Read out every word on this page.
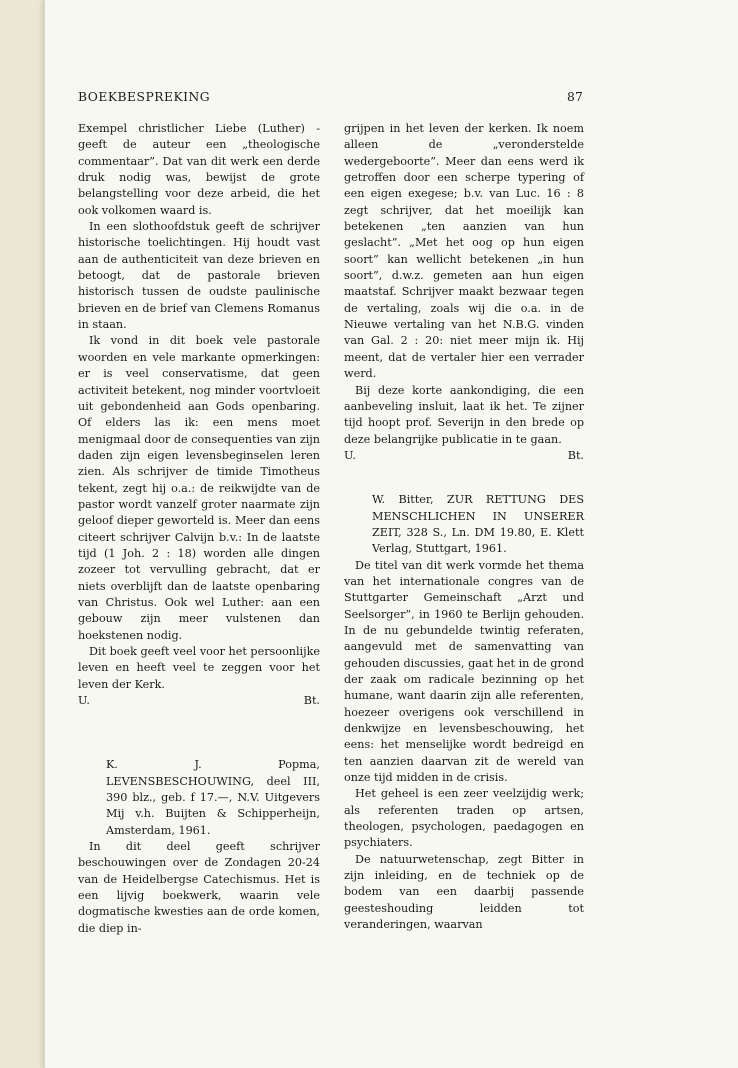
BOEKBESPREKING	87

Exempel christlicher Liebe (Luther) - geeft de auteur een „theologische commentaar”. Dat van dit werk een derde druk nodig was, bewijst de grote belangstelling voor deze arbeid, die het ook volkomen waard is.

In een slothoofdstuk geeft de schrijver historische toelichtingen. Hij houdt vast aan de authenticiteit van deze brieven en betoogt, dat de pastorale brieven historisch tussen de oudste paulinische brieven en de brief van Clemens Romanus in staan.

Ik vond in dit boek vele pastorale woorden en vele markante opmerkingen: er is veel conservatisme, dat geen activiteit betekent, nog minder voortvloeit uit gebondenheid aan Gods openbaring. Of elders las ik: een mens moet menigmaal door de consequenties van zijn daden zijn eigen levensbeginselen leren zien. Als schrijver de timide Timotheus tekent, zegt hij o.a.: de reikwijdte van de pastor wordt vanzelf groter naarmate zijn geloof dieper geworteld is. Meer dan eens citeert schrijver Calvijn b.v.: In de laatste tijd (1 Joh. 2 : 18) worden alle dingen zozeer tot vervulling gebracht, dat er niets overblijft dan de laatste openbaring van Christus. Ook wel Luther: aan een gebouw zijn meer vulstenen dan hoekstenen nodig.

Dit boek geeft veel voor het persoonlijke leven en heeft veel te zeggen voor het leven der Kerk.

U.	Bt.

K. J. Popma, LEVENSBESCHOUWING, deel III, 390 blz., geb. f 17.—, N.V. Uitgevers Mij v.h. Buijten & Schipperheijn, Amsterdam, 1961.

In dit deel geeft schrijver beschouwingen over de Zondagen 20-24 van de Heidelbergse Catechismus. Het is een lijvig boekwerk, waarin vele dogmatische kwesties aan de orde komen, die diep in-

grijpen in het leven der kerken. Ik noem alleen de „veronderstelde wedergeboorte”. Meer dan eens werd ik getroffen door een scherpe typering of een eigen exegese; b.v. van Luc. 16 : 8 zegt schrijver, dat het moeilijk kan betekenen „ten aanzien van hun geslacht”. „Met het oog op hun eigen soort” kan wellicht betekenen „in hun soort”, d.w.z. gemeten aan hun eigen maatstaf. Schrijver maakt bezwaar tegen de vertaling, zoals wij die o.a. in de Nieuwe vertaling van het N.B.G. vinden van Gal. 2 : 20: niet meer mijn ik. Hij meent, dat de vertaler hier een verrader werd.

Bij deze korte aankondiging, die een aanbeveling insluit, laat ik het. Te zijner tijd hoopt prof. Severijn in den brede op deze belangrijke publicatie in te gaan.

U.	Bt.

W. Bitter, ZUR RETTUNG DES MENSCHLICHEN IN UNSERER ZEIT, 328 S., Ln. DM 19.80, E. Klett Verlag, Stuttgart, 1961.

De titel van dit werk vormde het thema van het internationale congres van de Stuttgarter Gemeinschaft „Arzt und Seelsorger”, in 1960 te Berlijn gehouden. In de nu gebundelde twintig referaten, aangevuld met de samenvatting van gehouden discussies, gaat het in de grond der zaak om radicale bezinning op het humane, want daarin zijn alle referenten, hoezeer overigens ook verschillend in denkwijze en levensbeschouwing, het eens: het menselijke wordt bedreigd en ten aanzien daarvan zit de wereld van onze tijd midden in de crisis.

Het geheel is een zeer veelzijdig werk; als referenten traden op artsen, theologen, psychologen, paedagogen en psychiaters.

De natuurwetenschap, zegt Bitter in zijn inleiding, en de techniek op de bodem van een daarbij passende geesteshouding leidden tot veranderingen, waarvan
